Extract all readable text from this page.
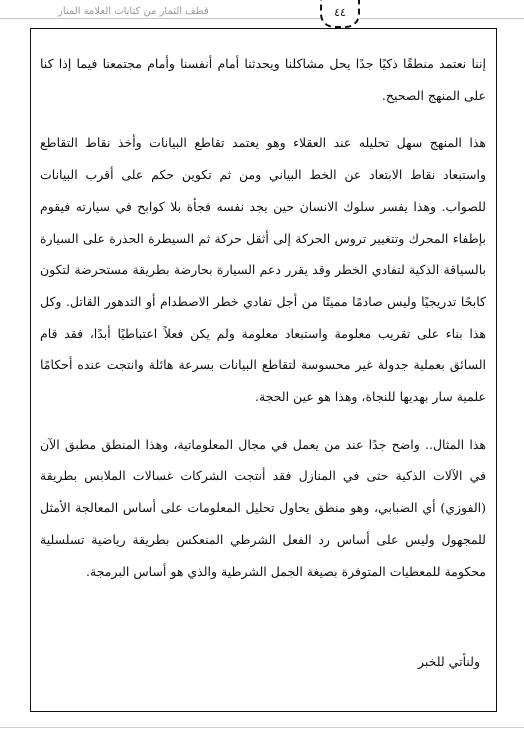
قطف الثمار من كتابات العلامة المنار	٤٤

إننا نعتمد منطقًا ذكيًا جدًا يحل مشاكلنا ويحدثنا أمام أنفسنا وأمام مجتمعنا فيما إذا كنا على المنهج الصحيح.

هذا المنهج سهل تحليله عند العقلاء وهو يعتمد تقاطع البيانات وأخذ نقاط التقاطع واستبعاد نقاط الابتعاد عن الخط البياني ومن ثم تكوين حكم على أقرب البيانات للصواب. وهذا يفسر سلوك الانسان حين يجد نفسه فجأة بلا كوابح في سيارته فيقوم بإطفاء المحرك وتتغيير تروس الحركة إلى أثقل حركة ثم السيطرة الحذرة على السيارة بالسياقة الذكية لتفادي الخطر وقد يقرر دعم السيارة بحارضة بطريقة مستحرضة لتكون كابحًا تدريجيًا وليس صادمًا مميتًا من أجل تفادي خطر الاصطدام أو التدهور القاتل. وكل هذا بناء على تقريب معلومة واستبعاد معلومة ولم يكن فعلاً اعتباطيًا أبدًا، فقد قام السائق بعملية جدولة غير محسوسة لتقاطع البيانات بسرعة هائلة وانتجت عنده أحكامًا علمية سار بهديها للنجاة، وهذا هو عين الحجة.

هذا المثال.. واضح جدًا عند من يعمل في مجال المعلوماتية، وهذا المنطق مطبق الآن في الآلات الذكية حتى في المنازل فقد أنتجت الشركات غسالات الملابس بطريقة (الفوزي) أي الضبابي، وهو منطق يحاول تحليل المعلومات على أساس المعالجة الأمثل للمجهول وليس على أساس رد الفعل الشرطي المنعكس بطريقة رياضية تسلسلية محكومة للمعطيات المتوفرة بصيغة الجمل الشرطية والذي هو أساس البرمجة.

ولنأتي للخبر
